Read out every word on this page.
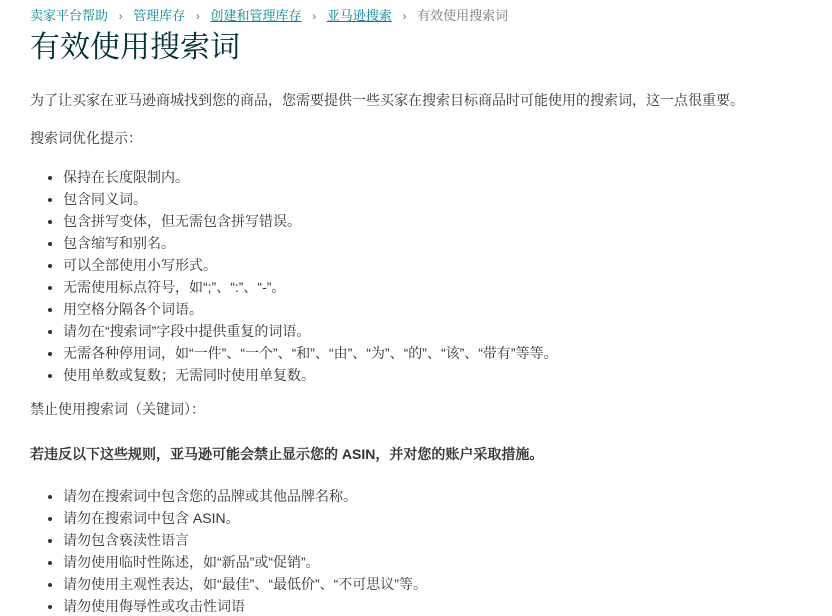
卖家平台帮助 › 管理库存 › 创建和管理库存 › 亚马逊搜索 › 有效使用搜索词
有效使用搜索词

为了让买家在亚马逊商城找到您的商品，您需要提供一些买家在搜索目标商品时可能使用的搜索词，这一点很重要。

搜索词优化提示：

• 保持在长度限制内。
• 包含同义词。
• 包含拼写变体，但无需包含拼写错误。
• 包含缩写和别名。
• 可以全部使用小写形式。
• 无需使用标点符号，如“;”、“:”、“-”。
• 用空格分隔各个词语。
• 请勿在“搜索词”字段中提供重复的词语。
• 无需各种停用词，如“一件”、“一个”、“和”、“由”、“为”、“的”、“该”、“带有”等等。
• 使用单数或复数；无需同时使用单复数。

禁止使用搜索词（关键词）：

若违反以下这些规则，亚马逊可能会禁止显示您的 ASIN，并对您的账户采取措施。

• 请勿在搜索词中包含您的品牌或其他品牌名称。
• 请勿在搜索词中包含 ASIN。
• 请勿包含亵渎性语言
• 请勿使用临时性陈述，如“新品”或“促销”。
• 请勿使用主观性表达，如“最佳”、“最低价”、“不可思议”等。
• 请勿使用侮辱性或攻击性词语
